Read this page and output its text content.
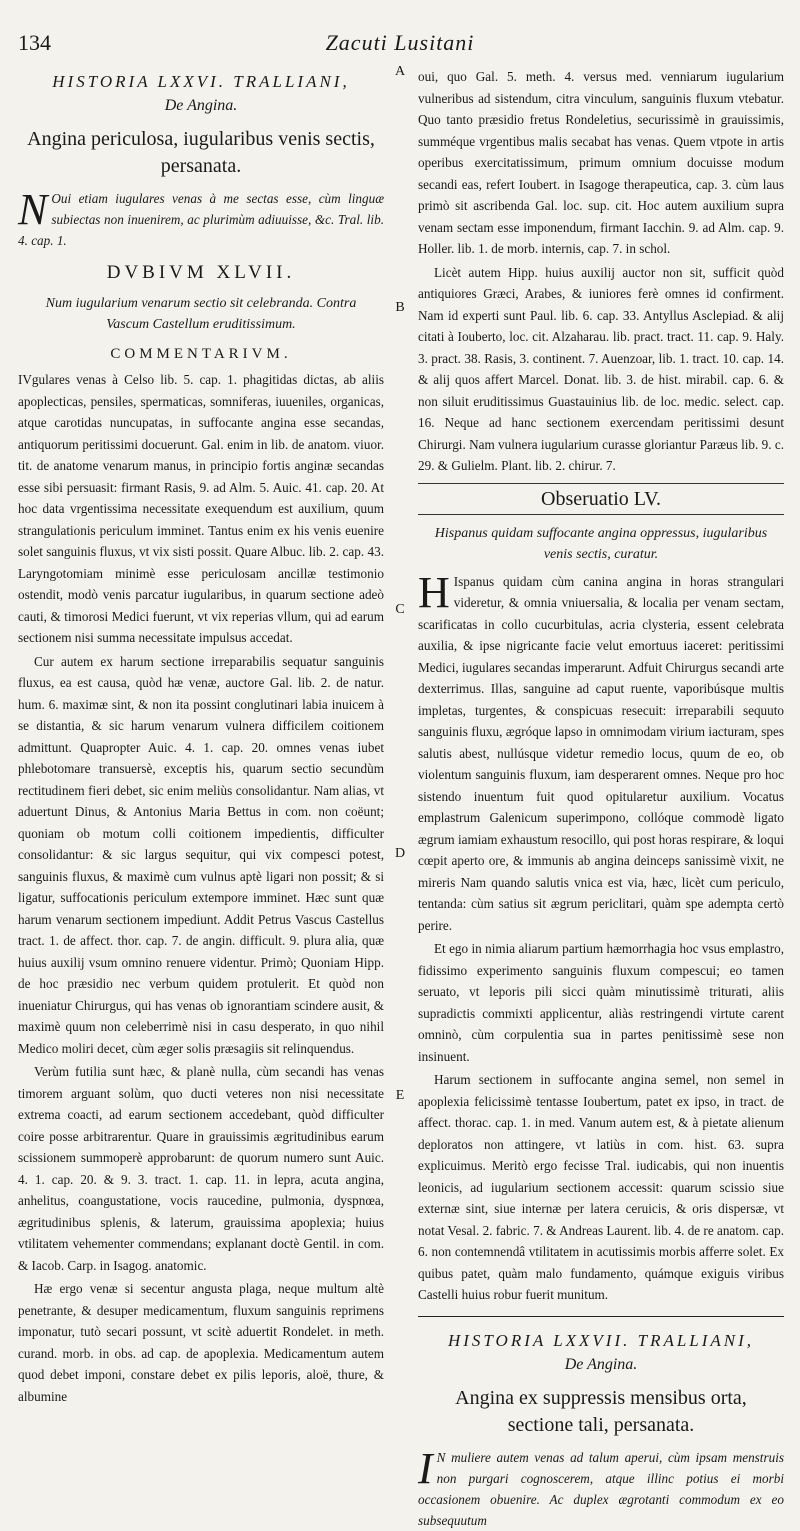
134	Zacuti Lusitani
A
B
C
D
E
HISTORIA LXXVI. TRALLIANI,
De Angina.
Angina periculosa, iugularibus venis sectis, persanata.
N Oui etiam iugulares venas à me sectas esse, cùm linguæ subiectas non inuenirem, ac plurimùm adiuuisse, &c. Tral. lib. 4. cap. 1.
DVBIVM XLVII.
Num iugularium venarum sectio sit celebranda. Contra Vascum Castellum eruditissimum.
COMMENTARIVM.

IVgulares venas à Celso lib. 5. cap. 1. phagitidas dictas, ab aliis apoplecticas, pensiles, spermaticas, somniferas, iuueniles, organicas, atque carotidas nuncupatas, in suffocante angina esse secandas, antiquorum peritissimi docuerunt. Gal. enim in lib. de anatom. viuor. tit. de anatome venarum manus, in principio fortis anginæ secandas esse sibi persuasit: firmant Rasis, 9. ad Alm. 5. Auic. 41. cap. 20. At hoc data vrgentissima necessitate exequendum est auxilium, quum strangulationis periculum imminet. Tantus enim ex his venis euenire solet sanguinis fluxus, vt vix sisti possit. Quare Albuc. lib. 2. cap. 43. Laryngotomiam minimè esse periculosam ancillæ testimonio ostendit, modò venis parcatur iugularibus, in quarum sectione adeò cauti, & timorosi Medici fuerunt, vt vix reperias vllum, qui ad earum sectionem nisi summa necessitate impulsus accedat.

Cur autem ex harum sectione irreparabilis sequatur sanguinis fluxus, ea est causa, quòd hæ venæ, auctore Gal. lib. 2. de natur. hum. 6. maximæ sint, & non ita possint conglutinari labia inuicem à se distantia, & sic harum venarum vulnera difficilem coitionem admittunt. Quapropter Auic. 4. 1. cap. 20. omnes venas iubet phlebotomare transuersè, exceptis his, quarum sectio secundùm rectitudinem fieri debet, sic enim meliùs consolidantur. Nam alias, vt aduertunt Dinus, & Antonius Maria Bettus in com. non coëunt; quoniam ob motum colli coitionem impedientis, difficulter consolidantur: & sic largus sequitur, qui vix compesci potest, sanguinis fluxus, & maximè cum vulnus aptè ligari non possit; & si ligatur, suffocationis periculum extempore imminet. Hæc sunt quæ harum venarum sectionem impediunt. Addit Petrus Vascus Castellus tract. 1. de affect. thor. cap. 7. de angin. difficult. 9. plura alia, quæ huius auxilij vsum omnino renuere videntur. Primò; Quoniam Hipp. de hoc præsidio nec verbum quidem protulerit. Et quòd non inueniatur Chirurgus, qui has venas ob ignorantiam scindere ausit, & maximè quum non celeberrimè nisi in casu desperato, in quo nihil Medico moliri decet, cùm æger solis præsagiis sit relinquendus.

Verùm futilia sunt hæc, & planè nulla, cùm secandi has venas timorem arguant solùm, quo ducti veteres non nisi necessitate extrema coacti, ad earum sectionem accedebant, quòd difficulter coire posse arbitrarentur. Quare in grauissimis ægritudinibus earum scissionem summoperè approbarunt: de quorum numero sunt Auic. 4. 1. cap. 20. & 9. 3. tract. 1. cap. 11. in lepra, acuta angina, anhelitus, coangustatione, vocis raucedine, pulmonia, dyspnœa, ægritudinibus splenis, & laterum, grauissima apoplexia; huius vtilitatem vehementer commendans; explanant doctè Gentil. in com. & Iacob. Carp. in Isagog. anatomic.

Hæ ergo venæ si secentur angusta plaga, neque multum altè penetrante, & desuper medicamentum, fluxum sanguinis reprimens imponatur, tutò secari possunt, vt scitè aduertit Rondelet. in meth. curand. morb. in obs. ad cap. de apoplexia. Medicamentum autem quod debet imponi, constare debet ex pilis leporis, aloë, thure, & albumine

oui, quo Gal. 5. meth. 4. versus med. venniarum iugularium vulneribus ad sistendum, citra vinculum, sanguinis fluxum vtebatur. Quo tanto præsidio fretus Rondeletius, securissimè in grauissimis, summéque vrgentibus malis secabat has venas. Quem vtpote in artis operibus exercitatissimum, primum omnium docuisse modum secandi eas, refert Ioubert. in Isagoge therapeutica, cap. 3. cùm laus primò sit ascribenda Gal. loc. sup. cit. Hoc autem auxilium supra venam sectam esse imponendum, firmant Iacchin. 9. ad Alm. cap. 9. Holler. lib. 1. de morb. internis, cap. 7. in schol.

Licèt autem Hipp. huius auxilij auctor non sit, sufficit quòd antiquiores Græci, Arabes, & iuniores ferè omnes id confirment. Nam id experti sunt Paul. lib. 6. cap. 33. Antyllus Asclepiad. & alij citati à Iouberto, loc. cit. Alzaharau. lib. pract. tract. 11. cap. 9. Haly. 3. pract. 38. Rasis, 3. continent. 7. Auenzoar, lib. 1. tract. 10. cap. 14. & alij quos affert Marcel. Donat. lib. 3. de hist. mirabil. cap. 6. & non siluit eruditissimus Guastauinius lib. de loc. medic. select. cap. 16. Neque ad hanc sectionem exercendam peritissimi desunt Chirurgi. Nam vulnera iugularium curasse gloriantur Paræus lib. 9. c. 29. & Gulielm. Plant. lib. 2. chirur. 7.

Obseruatio LV.
Hispanus quidam suffocante angina oppressus, iugularibus venis sectis, curatur.

H Ispanus quidam cùm canina angina in horas strangulari videretur, & omnia vniuersalia, & localia per venam sectam, scarificatas in collo cucurbitulas, acria clysteria, essent celebrata auxilia, & ipse nigricante facie velut emortuus iaceret: peritissimi Medici, iugulares secandas imperarunt. Adfuit Chirurgus secandi arte dexterrimus. Illas, sanguine ad caput ruente, vaporibúsque multis impletas, turgentes, & conspicuas resecuit: irreparabili sequuto sanguinis fluxu, ægróque lapso in omnimodam virium iacturam, spes salutis abest, nullúsque videtur remedio locus, quum de eo, ob violentum sanguinis fluxum, iam desperarent omnes. Neque pro hoc sistendo inuentum fuit quod opitularetur auxilium. Vocatus emplastrum Galenicum superimpono, collóque commodè ligato ægrum iamiam exhaustum resocillo, qui post horas respirare, & loqui cœpit aperto ore, & immunis ab angina deinceps sanissimè vixit, ne mireris Nam quando salutis vnica est via, hæc, licèt cum periculo, tentanda: cùm satius sit ægrum periclitari, quàm spe adempta certò perire.

Et ego in nimia aliarum partium hæmorrhagia hoc vsus emplastro, fidissimo experimento sanguinis fluxum compescui; eo tamen seruato, vt leporis pili sicci quàm minutissimè triturati, aliis supradictis commixti applicentur, aliàs restringendi virtute carent omninò, cùm corpulentia sua in partes penitissimè sese non insinuent.

Harum sectionem in suffocante angina semel, non semel in apoplexia felicissimè tentasse Ioubertum, patet ex ipso, in tract. de affect. thorac. cap. 1. in med. Vanum autem est, & à pietate alienum deploratos non attingere, vt latiùs in com. hist. 63. supra explicuimus. Meritò ergo fecisse Tral. iudicabis, qui non inuentis leonicis, ad iugularium sectionem accessit: quarum scissio siue externæ sint, siue internæ per latera ceruicis, & oris dispersæ, vt notat Vesal. 2. fabric. 7. & Andreas Laurent. lib. 4. de re anatom. cap. 6. non contemnendâ vtilitatem in acutissimis morbis afferre solet. Ex quibus patet, quàm malo fundamento, quámque exiguis viribus Castelli huius robur fuerit munitum.

HISTORIA LXXVII. TRALLIANI,
De Angina.
Angina ex suppressis mensibus orta, sectione tali, persanata.

I N muliere autem venas ad talum aperui, cùm ipsam menstruis non purgari cognoscerem, atque illinc potius ei morbi occasionem obuenire. Ac duplex ægrotanti commodum ex eo subsequutum
